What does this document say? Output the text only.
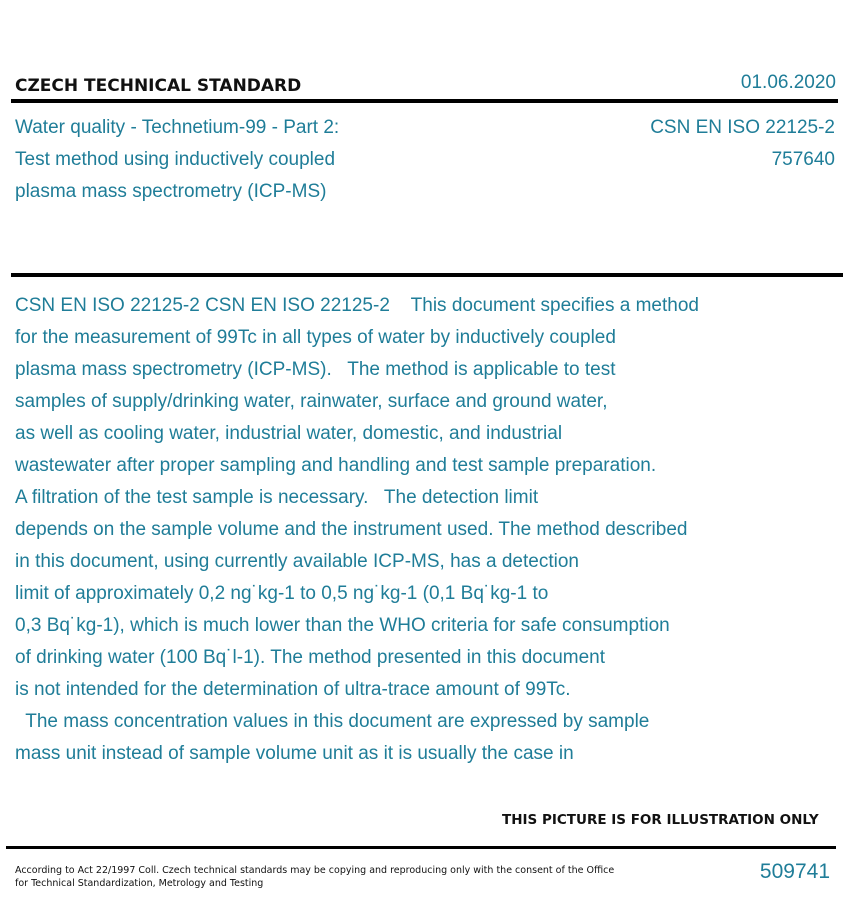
CZECH TECHNICAL STANDARD	01.06.2020
Water quality - Technetium-99 - Part 2:
Test method using inductively coupled
plasma mass spectrometry (ICP-MS)
CSN EN ISO 22125-2
757640
CSN EN ISO 22125-2 CSN EN ISO 22125-2    This document specifies a method
for the measurement of 99Tc in all types of water by inductively coupled
plasma mass spectrometry (ICP-MS).   The method is applicable to test
samples of supply/drinking water, rainwater, surface and ground water,
as well as cooling water, industrial water, domestic, and industrial
wastewater after proper sampling and handling and test sample preparation.
A filtration of the test sample is necessary.   The detection limit
depends on the sample volume and the instrument used. The method described
in this document, using currently available ICP-MS, has a detection
limit of approximately 0,2 ng˙kg-1 to 0,5 ng˙kg-1 (0,1 Bq˙kg-1 to
0,3 Bq˙kg-1), which is much lower than the WHO criteria for safe consumption
of drinking water (100 Bq˙l-1). The method presented in this document
is not intended for the determination of ultra-trace amount of 99Tc.
The mass concentration values in this document are expressed by sample
mass unit instead of sample volume unit as it is usually the case in
THIS PICTURE IS FOR ILLUSTRATION ONLY
According to Act 22/1997 Coll. Czech technical standards may be copying and reproducing only with the consent of the Office
for Technical Standardization, Metrology and Testing
509741
